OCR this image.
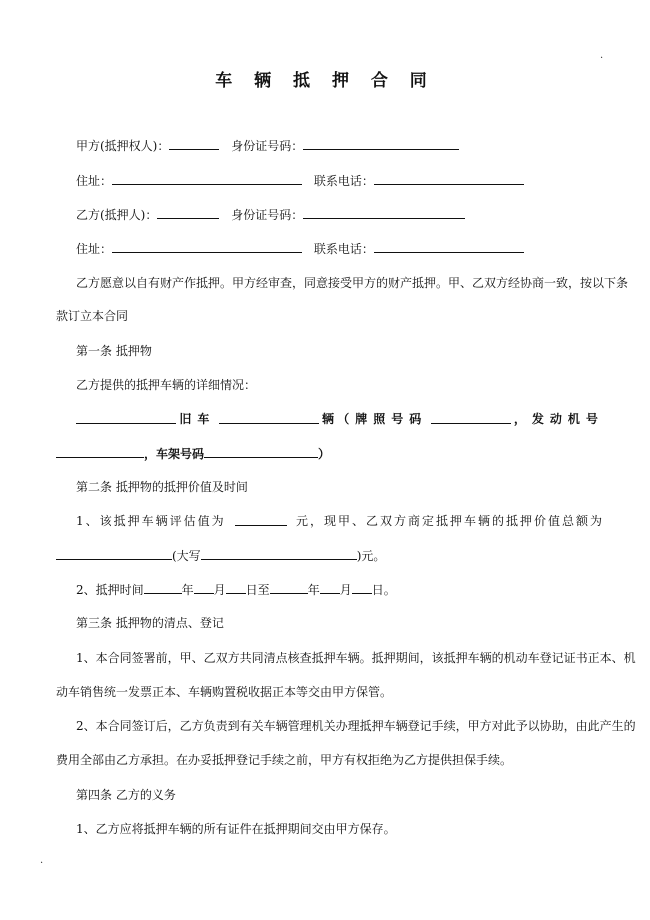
.
车 辆 抵 押 合 同
甲方(抵押权人)：	身份证号码：
住址：	联系电话：
乙方(抵押人)：	身份证号码：
住址：	联系电话：
乙方愿意以自有财产作抵押。甲方经审查，同意接受甲方的财产抵押。甲、乙双方经协商一致，按以下条
款订立本合同
第一条 抵押物
乙方提供的抵押车辆的详细情况：
旧车	辆 （牌照号码	，发动机号
，车架号码	）
第二条 抵押物的抵押价值及时间
1、该抵押车辆评估值为	元，现甲、乙双方商定抵押车辆的抵押价值总额为
(大写	)元。
2、抵押时间	年 月 日至	年 月 日。
第三条 抵押物的清点、登记
1、本合同签署前，甲、乙双方共同清点核查抵押车辆。抵押期间，该抵押车辆的机动车登记证书正本、机
动车销售统一发票正本、车辆购置税收据正本等交由甲方保管。
2、本合同签订后，乙方负责到有关车辆管理机关办理抵押车辆登记手续，甲方对此予以协助，由此产生的
费用全部由乙方承担。在办妥抵押登记手续之前，甲方有权拒绝为乙方提供担保手续。
第四条 乙方的义务
1、乙方应将抵押车辆的所有证件在抵押期间交由甲方保存。
.
